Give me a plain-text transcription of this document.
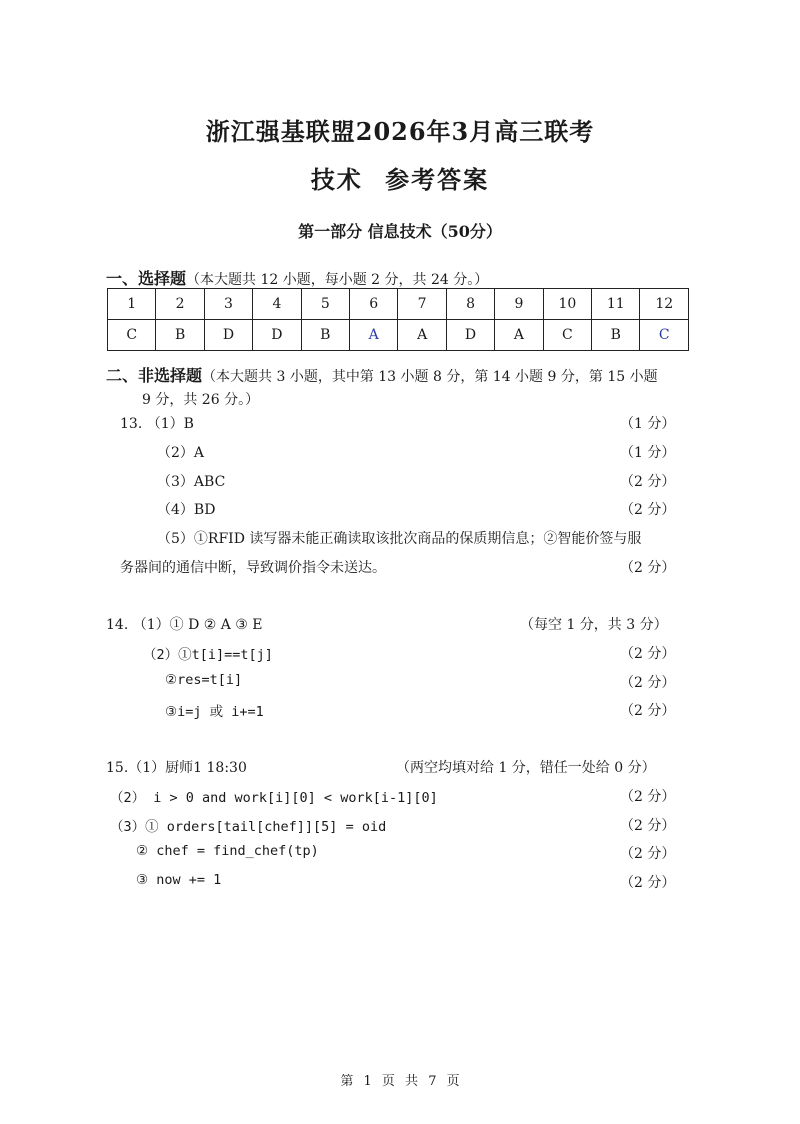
浙江强基联盟2026年3月高三联考
技术 参考答案
第一部分 信息技术（50分）
一、选择题（本大题共 12 小题，每小题 2 分，共 24 分。）
1	2	3	4	5	6	7	8	9	10	11	12
C	B	D	D	B	A	A	D	A	C	B	C
二、非选择题（本大题共 3 小题，其中第 13 小题 8 分，第 14 小题 9 分，第 15 小题
9 分，共 26 分。）
13. （1）B	（1 分）
（2）A	（1 分）
（3）ABC	（2 分）
（4）BD	（2 分）
（5）①RFID 读写器未能正确读取该批次商品的保质期信息；②智能价签与服
务器间的通信中断，导致调价指令未送达。	（2 分）
14. （1）① D ② A ③ E	（每空 1 分，共 3 分）
（2）①t[i]==t[j]	（2 分）
②res=t[i]	（2 分）
③i=j 或 i+=1	（2 分）
15.（1）厨师1 18:30	（两空均填对给 1 分，错任一处给 0 分）
（2） i > 0 and work[i][0] < work[i-1][0]	（2 分）
（3）① orders[tail[chef]][5] = oid	（2 分）
② chef = find_chef(tp)	（2 分）
③ now += 1	（2 分）
第 1 页 共 7 页
